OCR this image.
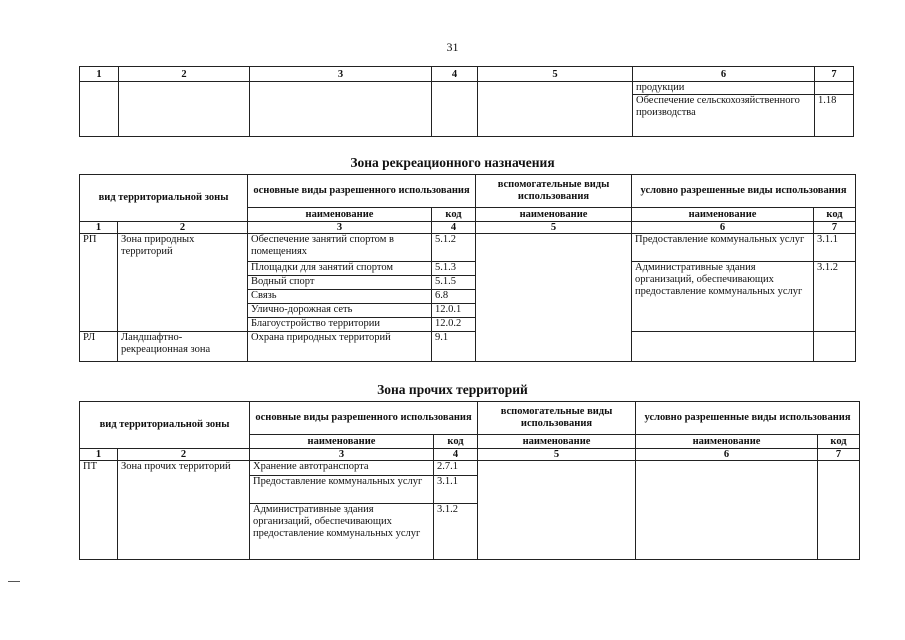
31
1	2	3	4	5	6	7
					продукции	
					Обеспечение сельскохозяйственного производства	1.18
Зона рекреационного назначения
вид территориальной зоны		основные виды разрешенного использования		вспомогательные виды использования	условно разрешенные виды использования	
		наименование	код	наименование	наименование	код
1	2	3	4	5	6	7
РП	Зона природных территорий	Обеспечение занятий спортом в помещениях	5.1.2		Предоставление коммунальных услуг	3.1.1
		Площадки для занятий спортом	5.1.3		Административные здания организаций, обеспечивающих предоставление коммунальных услуг	3.1.2
		Водный спорт	5.1.5			
		Связь	6.8			
		Улично-дорожная сеть	12.0.1			
		Благоустройство территории	12.0.2			
РЛ	Ландшафтно-рекреационная зона	Охрана природных территорий	9.1			
Зона прочих территорий
вид территориальной зоны		основные виды разрешенного использования		вспомогательные виды использования	условно разрешенные виды использования	
		наименование	код	наименование	наименование	код
1	2	3	4	5	6	7
ПТ	Зона прочих территорий	Хранение автотранспорта	2.7.1			
		Предоставление коммунальных услуг	3.1.1			
		Административные здания организаций, обеспечивающих предоставление коммунальных услуг	3.1.2			
